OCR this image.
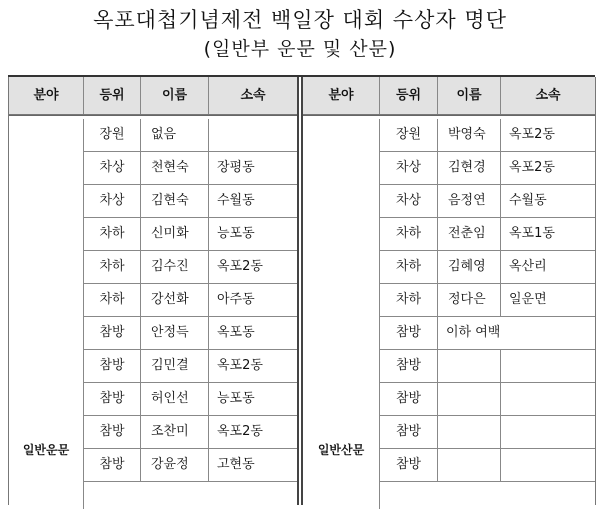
옥포대첩기념제전 백일장 대회 수상자 명단
(일반부 운문 및 산문)
분야	등위	이름	소속
일반운문
장원	없음
차상	천현숙	장평동
차상	김현숙	수월동
차하	신미화	능포동
차하	김수진	옥포2동
차하	강선화	아주동
참방	안정득	옥포동
참방	김민결	옥포2동
참방	허인선	능포동
참방	조찬미	옥포2동
참방	강윤정	고현동
분야	등위	이름	소속
일반산문
장원	박영숙	옥포2동
차상	김현경	옥포2동
차상	음정연	수월동
차하	전춘임	옥포1동
차하	김혜영	옥산리
차하	정다은	일운면
참방	이하 여백
참방
참방
참방
참방
